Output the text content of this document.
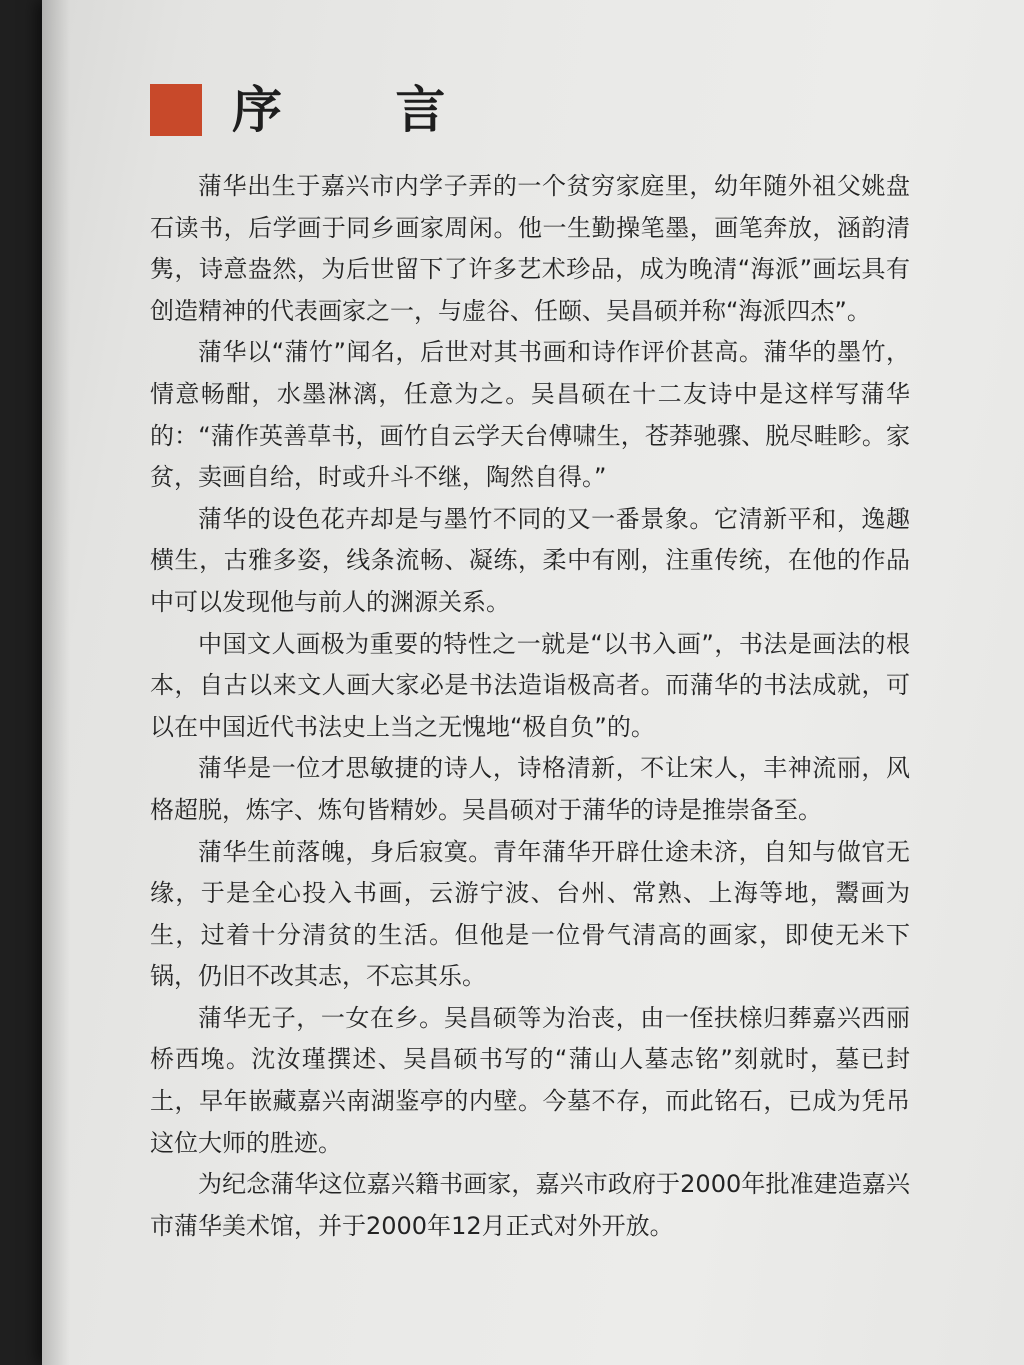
序 言

蒲华出生于嘉兴市内学子弄的一个贫穷家庭里，幼年随外祖父姚盘石读书，后学画于同乡画家周闲。他一生勤操笔墨，画笔奔放，涵韵清隽，诗意盎然，为后世留下了许多艺术珍品，成为晚清“海派”画坛具有创造精神的代表画家之一，与虚谷、任颐、吴昌硕并称“海派四杰”。

蒲华以“蒲竹”闻名，后世对其书画和诗作评价甚高。蒲华的墨竹，情意畅酣，水墨淋漓，任意为之。吴昌硕在十二友诗中是这样写蒲华的：“蒲作英善草书，画竹自云学天台傅啸生，苍莽驰骤、脱尽畦畛。家贫，卖画自给，时或升斗不继，陶然自得。”

蒲华的设色花卉却是与墨竹不同的又一番景象。它清新平和，逸趣横生，古雅多姿，线条流畅、凝练，柔中有刚，注重传统，在他的作品中可以发现他与前人的渊源关系。

中国文人画极为重要的特性之一就是“以书入画”，书法是画法的根本，自古以来文人画大家必是书法造诣极高者。而蒲华的书法成就，可以在中国近代书法史上当之无愧地“极自负”的。

蒲华是一位才思敏捷的诗人，诗格清新，不让宋人，丰神流丽，风格超脱，炼字、炼句皆精妙。吴昌硕对于蒲华的诗是推崇备至。

蒲华生前落魄，身后寂寞。青年蒲华开辟仕途未济，自知与做官无缘，于是全心投入书画，云游宁波、台州、常熟、上海等地，鬻画为生，过着十分清贫的生活。但他是一位骨气清高的画家，即使无米下锅，仍旧不改其志，不忘其乐。

蒲华无子，一女在乡。吴昌硕等为治丧，由一侄扶榇归葬嘉兴西丽桥西堍。沈汝瑾撰述、吴昌硕书写的“蒲山人墓志铭”刻就时，墓已封土，早年嵌藏嘉兴南湖鉴亭的内壁。今墓不存，而此铭石，已成为凭吊这位大师的胜迹。

为纪念蒲华这位嘉兴籍书画家，嘉兴市政府于2000年批准建造嘉兴市蒲华美术馆，并于2000年12月正式对外开放。
